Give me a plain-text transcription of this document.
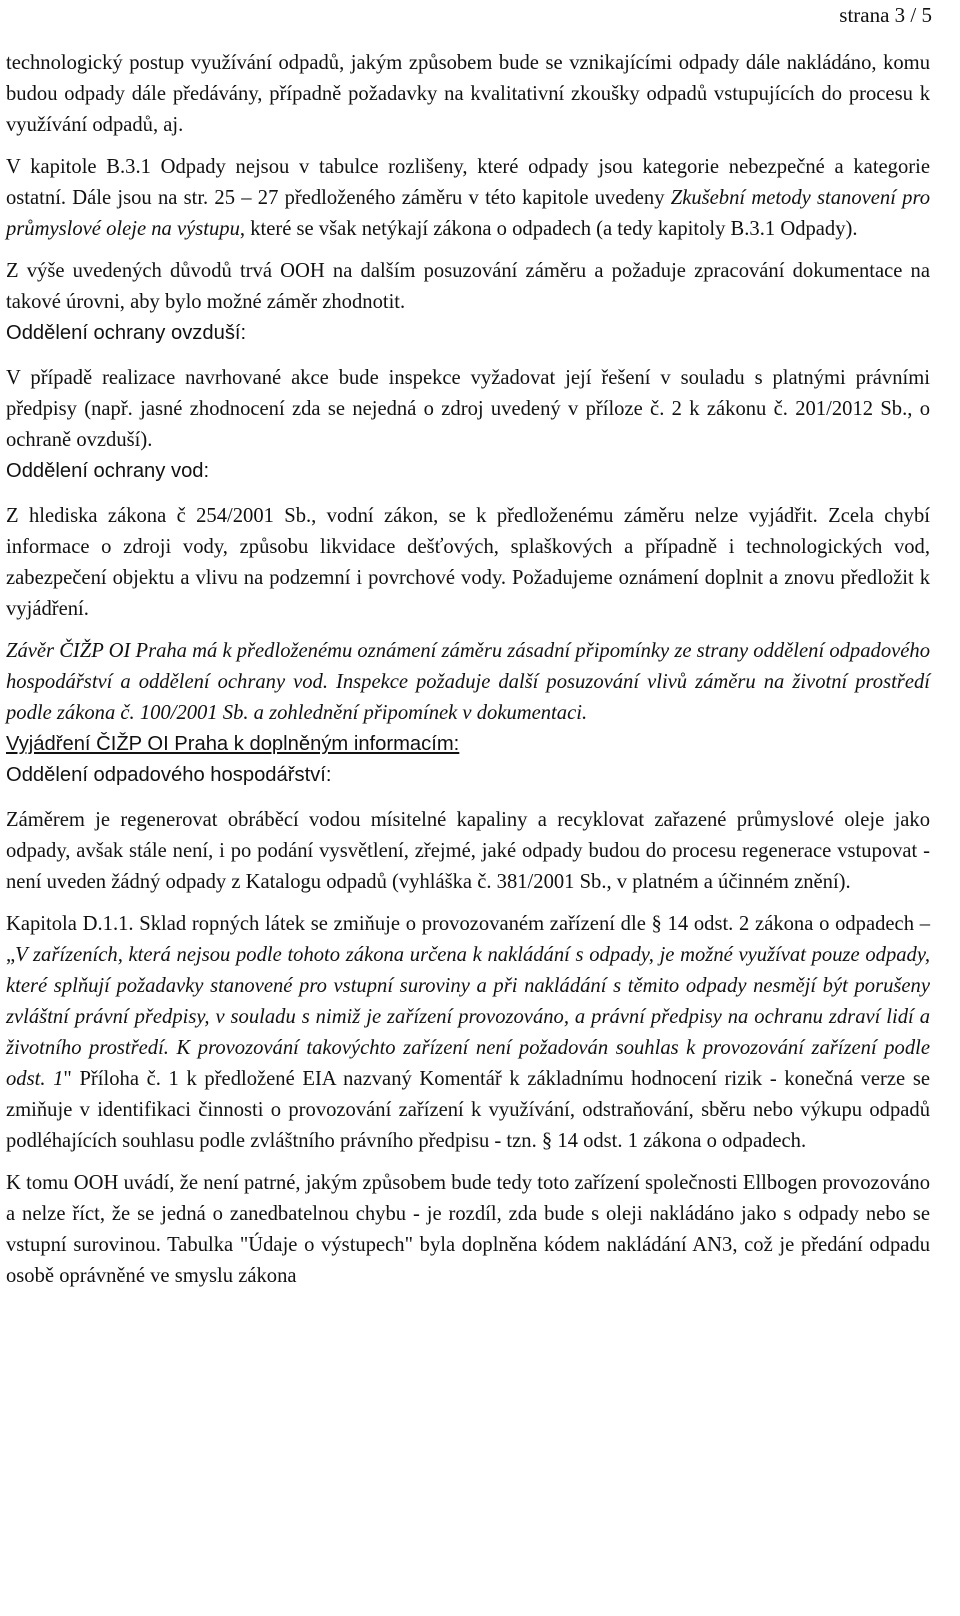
strana 3 / 5

technologický postup využívání odpadů, jakým způsobem bude se vznikajícími odpady dále nakládáno, komu budou odpady dále předávány, případně požadavky na kvalitativní zkoušky odpadů vstupujících do procesu k využívání odpadů, aj.

V kapitole B.3.1 Odpady nejsou v tabulce rozlišeny, které odpady jsou kategorie nebezpečné a kategorie ostatní. Dále jsou na str. 25 – 27 předloženého záměru v této kapitole uvedeny Zkušební metody stanovení pro průmyslové oleje na výstupu, které se však netýkají zákona o odpadech (a tedy kapitoly B.3.1 Odpady).

Z výše uvedených důvodů trvá OOH na dalším posuzování záměru a požaduje zpracování dokumentace na takové úrovni, aby bylo možné záměr zhodnotit.

Oddělení ochrany ovzduší:

V případě realizace navrhované akce bude inspekce vyžadovat její řešení v souladu s platnými právními předpisy (např. jasné zhodnocení zda se nejedná o zdroj uvedený v příloze č. 2 k zákonu č. 201/2012 Sb., o ochraně ovzduší).

Oddělení ochrany vod:

Z hlediska zákona č 254/2001 Sb., vodní zákon, se k předloženému záměru nelze vyjádřit. Zcela chybí informace o zdroji vody, způsobu likvidace dešťových, splaškových a případně i technologických vod, zabezpečení objektu a vlivu na podzemní i povrchové vody. Požadujeme oznámení doplnit a znovu předložit k vyjádření.

Závěr ČIŽP OI Praha má k předloženému oznámení záměru zásadní připomínky ze strany oddělení odpadového hospodářství a oddělení ochrany vod. Inspekce požaduje další posuzování vlivů záměru na životní prostředí podle zákona č. 100/2001 Sb. a zohlednění připomínek v dokumentaci.

Vyjádření ČIŽP OI Praha k doplněným informacím:
Oddělení odpadového hospodářství:

Záměrem je regenerovat obráběcí vodou mísitelné kapaliny a recyklovat zařazené průmyslové oleje jako odpady, avšak stále není, i po podání vysvětlení, zřejmé, jaké odpady budou do procesu regenerace vstupovat - není uveden žádný odpady z Katalogu odpadů (vyhláška č. 381/2001 Sb., v platném a účinném znění).

Kapitola D.1.1. Sklad ropných látek se zmiňuje o provozovaném zařízení dle § 14 odst. 2 zákona o odpadech – „V zařízeních, která nejsou podle tohoto zákona určena k nakládání s odpady, je možné využívat pouze odpady, které splňují požadavky stanovené pro vstupní suroviny a při nakládání s těmito odpady nesmějí být porušeny zvláštní právní předpisy, v souladu s nimiž je zařízení provozováno, a právní předpisy na ochranu zdraví lidí a životního prostředí. K provozování takovýchto zařízení není požadován souhlas k provozování zařízení podle odst. 1" Příloha č. 1 k předložené EIA nazvaný Komentář k základnímu hodnocení rizik - konečná verze se zmiňuje v identifikaci činnosti o provozování zařízení k využívání, odstraňování, sběru nebo výkupu odpadů podléhajících souhlasu podle zvláštního právního předpisu - tzn. § 14 odst. 1 zákona o odpadech.

K tomu OOH uvádí, že není patrné, jakým způsobem bude tedy toto zařízení společnosti Ellbogen provozováno a nelze říct, že se jedná o zanedbatelnou chybu - je rozdíl, zda bude s oleji nakládáno jako s odpady nebo se vstupní surovinou. Tabulka "Údaje o výstupech" byla doplněna kódem nakládání AN3, což je předání odpadu osobě oprávněné ve smyslu zákona
